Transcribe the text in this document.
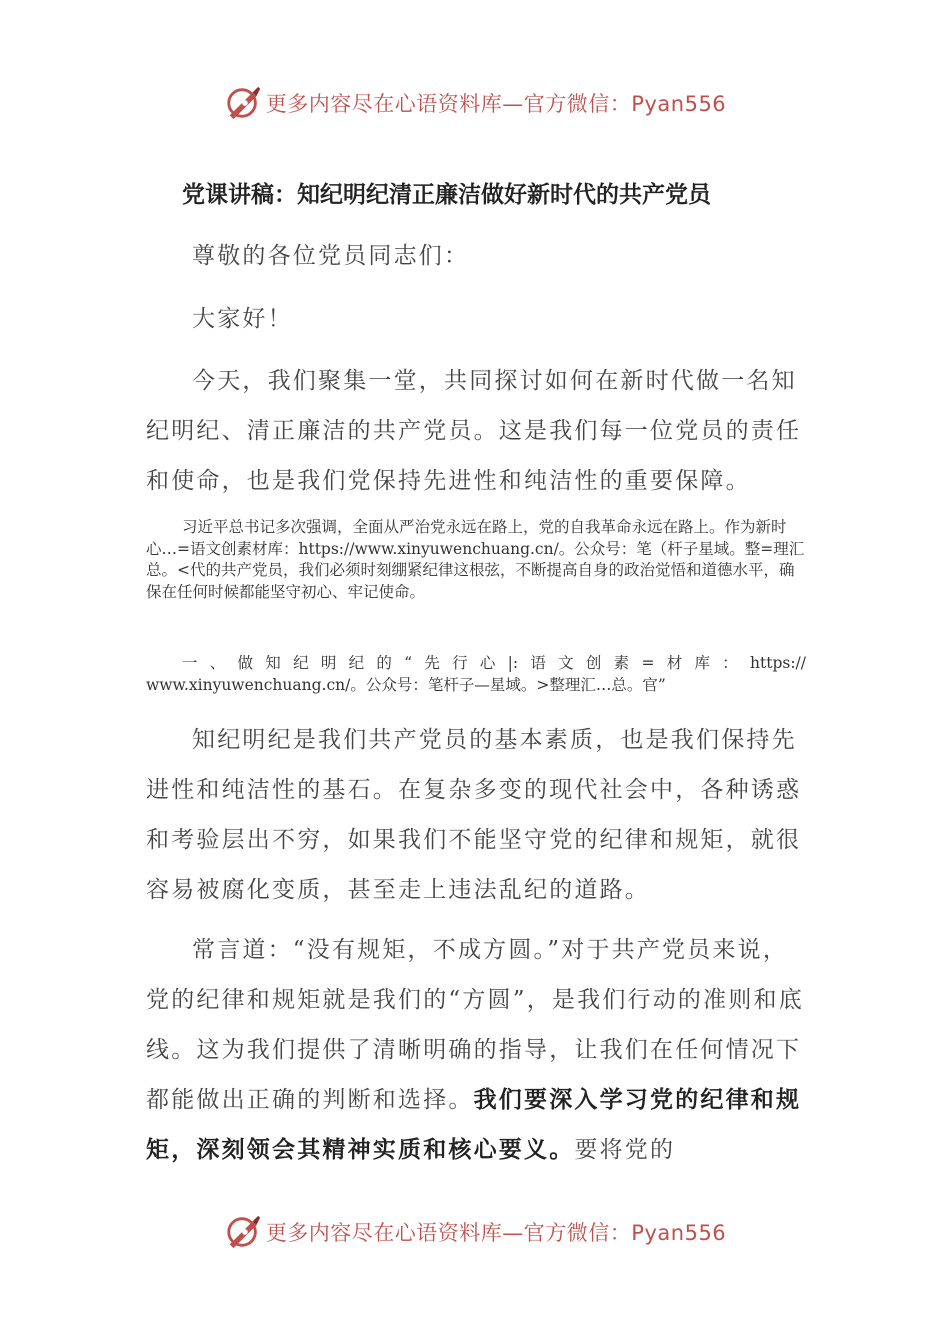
更多内容尽在心语资料库—官方微信：Pyan556
党课讲稿：知纪明纪清正廉洁做好新时代的共产党员

尊敬的各位党员同志们：

大家好！

今天，我们聚集一堂，共同探讨如何在新时代做一名知纪明纪、清正廉洁的共产党员。这是我们每一位党员的责任和使命，也是我们党保持先进性和纯洁性的重要保障。

习近平总书记多次强调，全面从严治党永远在路上，党的自我革命永远在路上。作为新时心…=语文创素材库：https://www.xinyuwenchuang.cn/。公众号：笔（杆子星域。整=理汇总。<代的共产党员，我们必须时刻绷紧纪律这根弦，不断提高自身的政治觉悟和道德水平，确保在任何时候都能坚守初心、牢记使命。

一、做知纪明纪的“先行心|:语文创素=材库：https://

www.xinyuwenchuang.cn/。公众号：笔杆子—星域。>整理汇…总。官”

知纪明纪是我们共产党员的基本素质，也是我们保持先进性和纯洁性的基石。在复杂多变的现代社会中，各种诱惑和考验层出不穷，如果我们不能坚守党的纪律和规矩，就很容易被腐化变质，甚至走上违法乱纪的道路。

常言道：“没有规矩，不成方圆。”对于共产党员来说，党的纪律和规矩就是我们的“方圆”，是我们行动的准则和底线。这为我们提供了清晰明确的指导，让我们在任何情况下都能做出正确的判断和选择。我们要深入学习党的纪律和规矩，深刻领会其精神实质和核心要义。要将党的

更多内容尽在心语资料库—官方微信：Pyan556
